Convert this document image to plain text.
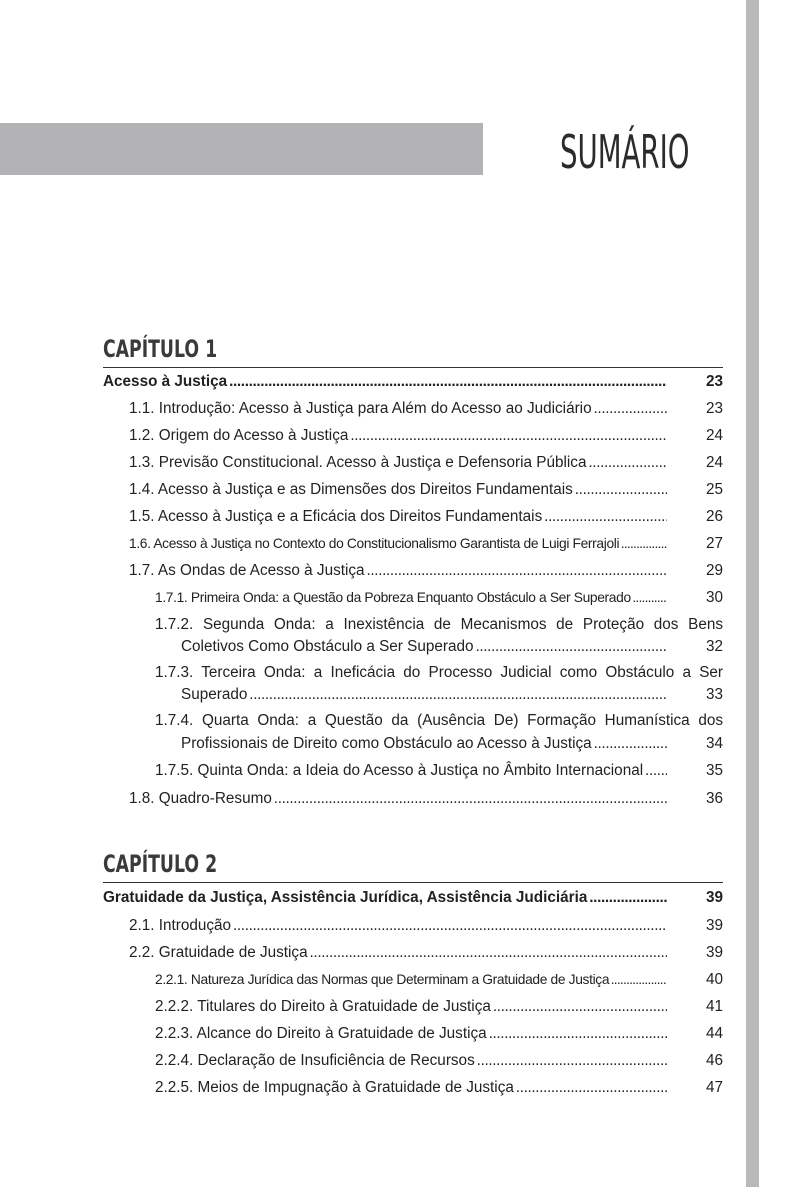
SUMÁRIO
CAPÍTULO 1
Acesso à Justiça . . .	23
1.1. Introdução: Acesso à Justiça para Além do Acesso ao Judiciário . . .	23
1.2. Origem do Acesso à Justiça . . .	24
1.3. Previsão Constitucional. Acesso à Justiça e Defensoria Pública . . .	24
1.4. Acesso à Justiça e as Dimensões dos Direitos Fundamentais . . .	25
1.5. Acesso à Justiça e a Eficácia dos Direitos Fundamentais . . .	26
1.6. Acesso à Justiça no Contexto do Constitucionalismo Garantista de Luigi Ferrajoli . . .	27
1.7. As Ondas de Acesso à Justiça . . .	29
1.7.1. Primeira Onda: a Questão da Pobreza Enquanto Obstáculo a Ser Superado . . .	30
1.7.2. Segunda Onda: a Inexistência de Mecanismos de Proteção dos Bens
Coletivos Como Obstáculo a Ser Superado . . .	32
1.7.3. Terceira Onda: a Ineficácia do Processo Judicial como Obstáculo a Ser
Superado . . .	33
1.7.4. Quarta Onda: a Questão da (Ausência De) Formação Humanística dos
Profissionais de Direito como Obstáculo ao Acesso à Justiça . . .	34
1.7.5. Quinta Onda: a Ideia do Acesso à Justiça no Âmbito Internacional . . .	35
1.8. Quadro-Resumo . . .	36
CAPÍTULO 2
Gratuidade da Justiça, Assistência Jurídica, Assistência Judiciária . . .	39
2.1. Introdução . . .	39
2.2. Gratuidade de Justiça . . .	39
2.2.1. Natureza Jurídica das Normas que Determinam a Gratuidade de Justiça . . .	40
2.2.2. Titulares do Direito à Gratuidade de Justiça . . .	41
2.2.3. Alcance do Direito à Gratuidade de Justiça . . .	44
2.2.4. Declaração de Insuficiência de Recursos . . .	46
2.2.5. Meios de Impugnação à Gratuidade de Justiça . . .	47
